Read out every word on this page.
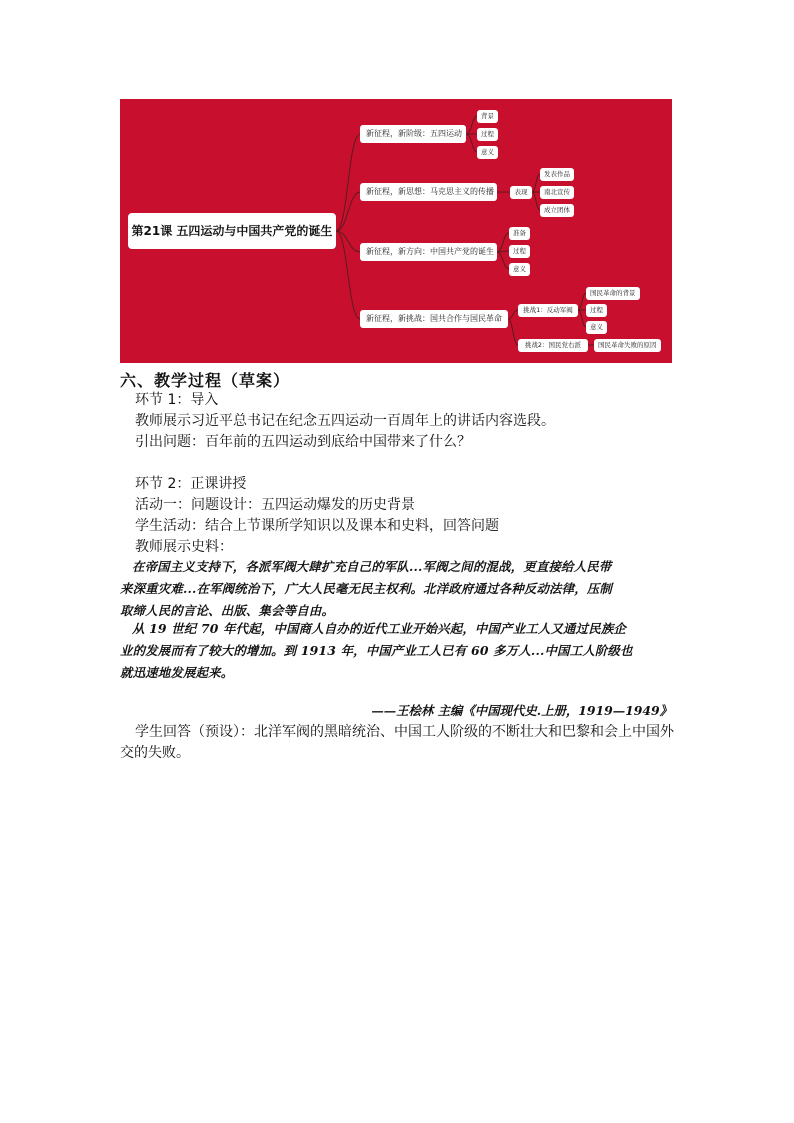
第21课 五四运动与中国共产党的诞生
新征程，新阶级：五四运动
背景
过程
意义
新征程，新思想：马克思主义的传播	表现
发表作品
南北宣传
成立团体
新征程，新方向：中国共产党的诞生
准备
过程
意义
新征程，新挑战：国共合作与国民革命
挑战1：反动军阀
国民革命的背景
过程
意义
挑战2：国民党右派	国民革命失败的原因
六、教学过程（草案）
环节 1：导入
教师展示习近平总书记在纪念五四运动一百周年上的讲话内容选段。
引出问题：百年前的五四运动到底给中国带来了什么？
环节 2：正课讲授
活动一：问题设计：五四运动爆发的历史背景
学生活动：结合上节课所学知识以及课本和史料，回答问题
教师展示史料：
在帝国主义支持下，各派军阀大肆扩充自己的军队...军阀之间的混战，更直接给人民带
来深重灾难...在军阀统治下，广大人民毫无民主权利。北洋政府通过各种反动法律，压制
取缔人民的言论、出版、集会等自由。
从 19 世纪 70 年代起，中国商人自办的近代工业开始兴起，中国产业工人又通过民族企
业的发展而有了较大的增加。到 1913 年，中国产业工人已有 60 多万人...中国工人阶级也
就迅速地发展起来。
——王桧林 主编《中国现代史.上册，1919—1949》
学生回答（预设）：北洋军阀的黑暗统治、中国工人阶级的不断壮大和巴黎和会上中国外
交的失败。
